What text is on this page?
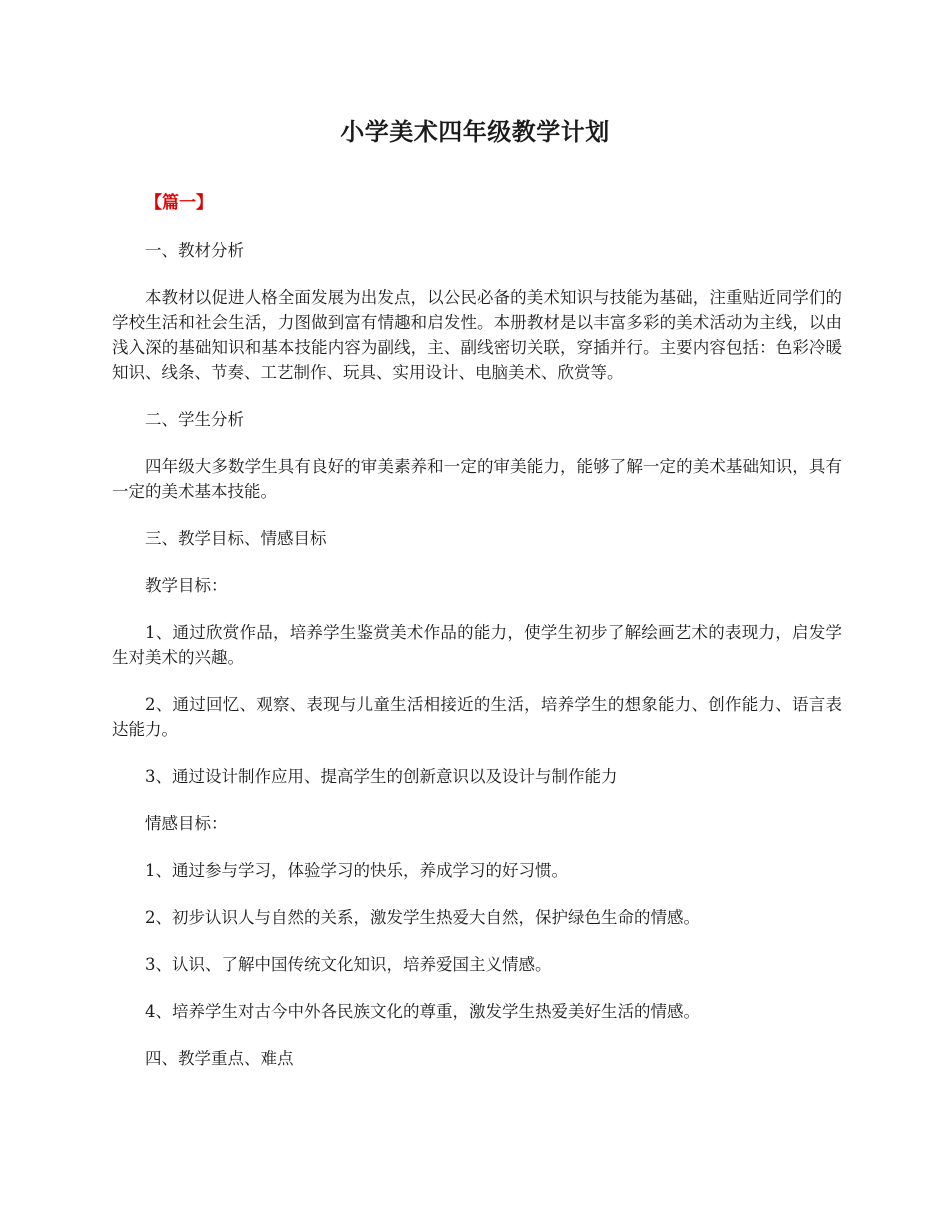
小学美术四年级教学计划

【篇一】

一、教材分析

本教材以促进人格全面发展为出发点，以公民必备的美术知识与技能为基础，注重贴近同学们的学校生活和社会生活，力图做到富有情趣和启发性。本册教材是以丰富多彩的美术活动为主线，以由浅入深的基础知识和基本技能内容为副线，主、副线密切关联，穿插并行。主要内容包括：色彩冷暖知识、线条、节奏、工艺制作、玩具、实用设计、电脑美术、欣赏等。

二、学生分析

四年级大多数学生具有良好的审美素养和一定的审美能力，能够了解一定的美术基础知识，具有一定的美术基本技能。

三、教学目标、情感目标

教学目标：

1、通过欣赏作品，培养学生鉴赏美术作品的能力，使学生初步了解绘画艺术的表现力，启发学生对美术的兴趣。

2、通过回忆、观察、表现与儿童生活相接近的生活，培养学生的想象能力、创作能力、语言表达能力。

3、通过设计制作应用、提高学生的创新意识以及设计与制作能力

情感目标：

1、通过参与学习，体验学习的快乐，养成学习的好习惯。

2、初步认识人与自然的关系，激发学生热爱大自然，保护绿色生命的情感。

3、认识、了解中国传统文化知识，培养爱国主义情感。

4、培养学生对古今中外各民族文化的尊重，激发学生热爱美好生活的情感。

四、教学重点、难点
